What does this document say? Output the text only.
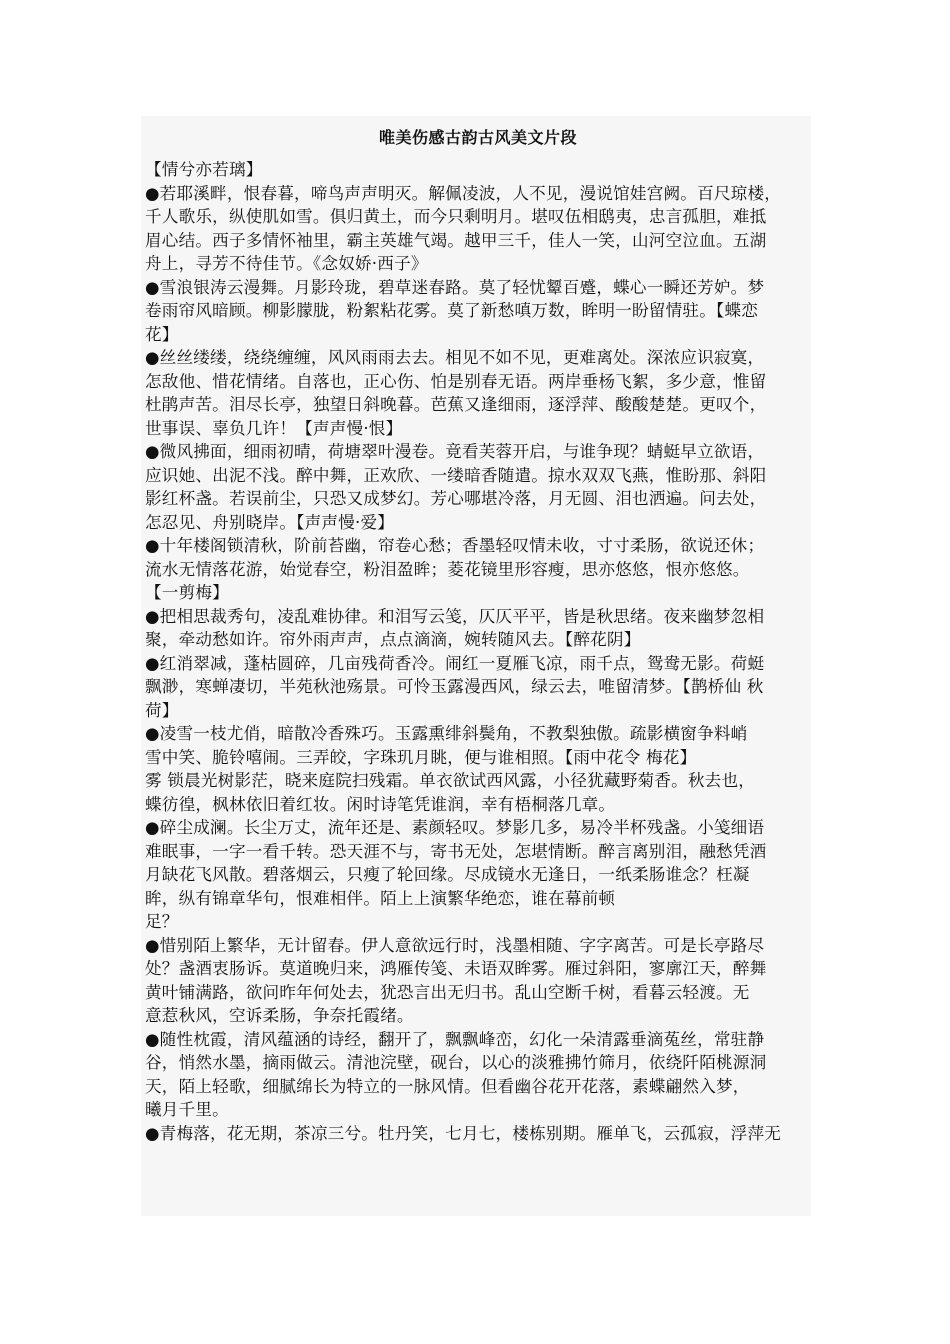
唯美伤感古韵古风美文片段
【情兮亦若璃】
●若耶溪畔，恨春暮，啼鸟声声明灭。解佩凌波，人不见，漫说馆娃宫阙。百尺琼楼，
千人歌乐，纵使肌如雪。俱归黄土，而今只剩明月。堪叹伍相鸱夷，忠言孤胆，难抵
眉心结。西子多情怀袖里，霸主英雄气竭。越甲三千，佳人一笑，山河空泣血。五湖
舟上，寻芳不待佳节。《念奴娇·西子》
●雪浪银涛云漫舞。月影玲珑，碧草迷春路。莫了轻忧颦百蹙，蝶心一瞬还芳妒。梦
卷雨帘风暗顾。柳影朦胧，粉絮粘花雾。莫了新愁嗔万数，眸明一盼留情驻。【蝶恋
花】
●丝丝缕缕，绕绕缠缠，风风雨雨去去。相见不如不见，更难离处。深浓应识寂寞，
怎敌他、惜花情绪。自落也，正心伤、怕是别春无语。两岸垂杨飞絮，多少意，惟留
杜鹃声苦。泪尽长亭，独望日斜晚暮。芭蕉又逢细雨，逐浮萍、酸酸楚楚。更叹个，
世事误、辜负几许！【声声慢·恨】
●微风拂面，细雨初晴，荷塘翠叶漫卷。竟看芙蓉开启，与谁争现？蜻蜓早立欲语，
应识她、出泥不浅。醉中舞，正欢欣、一缕暗香随遣。掠水双双飞燕，惟盼那、斜阳
影红杯盏。若误前尘，只恐又成梦幻。芳心哪堪冷落，月无圆、泪也洒遍。问去处，
怎忍见、舟别晓岸。【声声慢·爱】
●十年楼阁锁清秋，阶前苔幽，帘卷心愁；香墨轻叹情未收，寸寸柔肠，欲说还休；
流水无情落花游，始觉春空，粉泪盈眸；菱花镜里形容瘦，思亦悠悠，恨亦悠悠。
【一剪梅】
●把相思裁秀句，凌乱难协律。和泪写云笺，仄仄平平，皆是秋思绪。夜来幽梦忽相
聚，牵动愁如许。帘外雨声声，点点滴滴，婉转随风去。【醉花阴】
●红消翠减，蓬枯圆碎，几亩残荷香冷。闹红一夏雁飞凉，雨千点，鸳鸯无影。荷蜓
飘渺，寒蝉凄切，半苑秋池殇景。可怜玉露漫西风，绿云去，唯留清梦。【鹊桥仙 秋
荷】
●凌雪一枝尤俏，暗散冷香殊巧。玉露熏绯斜鬓角，不教梨独傲。疏影横窗争料峭
雪中笑、脆铃嘻闹。三弄皎，字珠玑月眺，便与谁相照。【雨中花令 梅花】
雾 锁晨光树影茫，晓来庭院扫残霜。单衣欲试西风露，小径犹藏野菊香。秋去也，
蝶彷徨，枫林依旧着红妆。闲时诗笔凭谁润，幸有梧桐落几章。
●碎尘成澜。长尘万丈，流年还是、素颜轻叹。梦影几多，易冷半杯残盏。小笺细语
难眠事，一字一看千转。恐天涯不与，寄书无处，怎堪情断。醉言离别泪，融愁凭酒
月缺花飞风散。碧落烟云，只瘦了轮回缘。尽成镜水无逢日，一纸柔肠谁念？枉凝
眸，纵有锦章华句，恨难相伴。陌上上演繁华绝恋，谁在幕前顿
足？
●惜别陌上繁华，无计留春。伊人意欲远行时，浅墨相随、字字离苦。可是长亭路尽
处？盏酒衷肠诉。莫道晚归来，鸿雁传笺、未语双眸雾。雁过斜阳，寥廓江天，醉舞
黄叶铺满路，欲问昨年何处去，犹恐言出无归书。乱山空断千树，看暮云轻渡。无
意惹秋风，空诉柔肠，争奈托霞绪。
●随性枕霞，清风蕴涵的诗经，翻开了，飘飘峰峦，幻化一朵清露垂滴菟丝，常驻静
谷，悄然水墨，摘雨做云。清池浣壁，砚台，以心的淡雅拂竹筛月，依绕阡陌桃源洞
天，陌上轻歌，细腻绵长为特立的一脉风情。但看幽谷花开花落，素蝶翩然入梦，
曦月千里。
●青梅落，花无期，茶凉三兮。牡丹笑，七月七，楼栋别期。雁单飞，云孤寂，浮萍无
